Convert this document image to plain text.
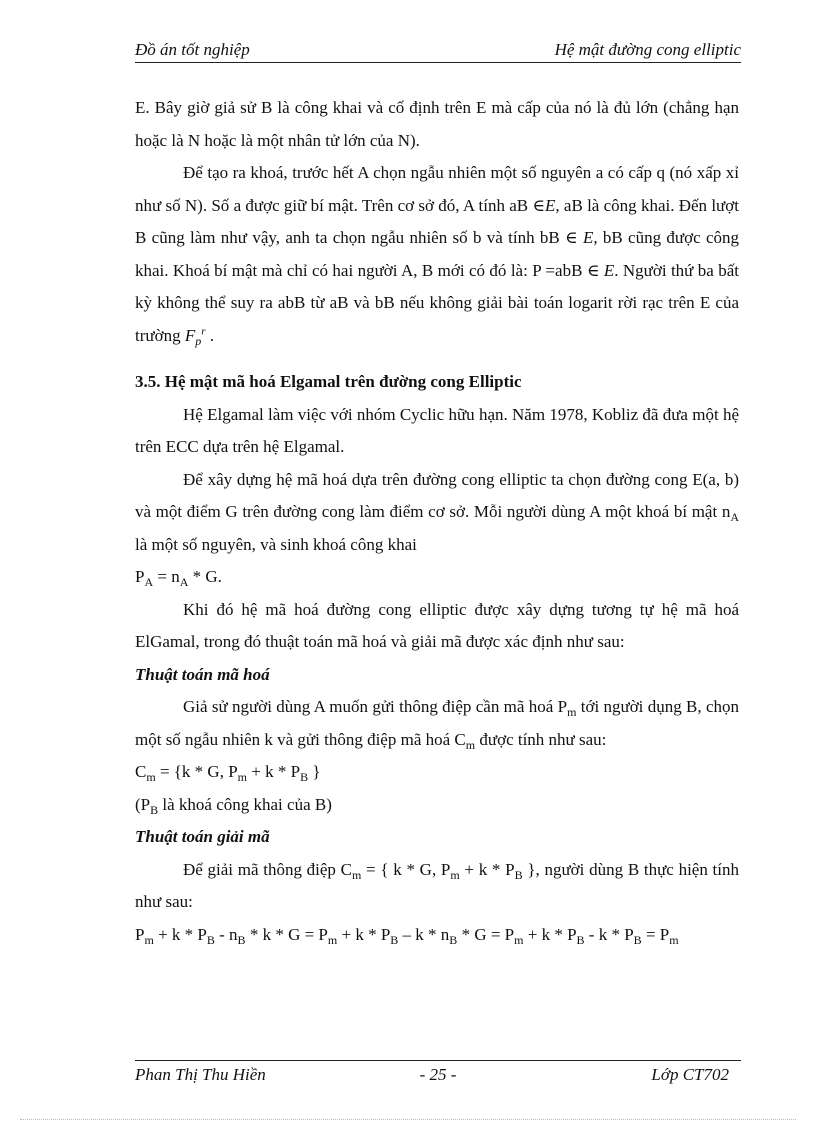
Đồ án tốt nghiệp	Hệ mật đường cong elliptic

E. Bây giờ giả sử B là công khai và cố định trên E mà cấp của nó là đủ lớn (chẳng hạn hoặc là N hoặc là một nhân tử lớn của N).

Để tạo ra khoá, trước hết A chọn ngẫu nhiên một số nguyên a có cấp q (nó xấp xỉ như số N). Số a được giữ bí mật. Trên cơ sở đó, A tính aB ∈E, aB là công khai. Đến lượt B cũng làm như vậy, anh ta chọn ngẫu nhiên số b và tính bB ∈ E, bB cũng được công khai. Khoá bí mật mà chỉ có hai người A, B mới có đó là: P =abB ∈ E. Người thứ ba bất kỳ không thể suy ra abB từ aB và bB nếu không giải bài toán logarit rời rạc trên E của trường $F_p^r$ .

3.5. Hệ mật mã hoá Elgamal trên đường cong Elliptic

Hệ Elgamal làm việc với nhóm Cyclic hữu hạn. Năm 1978, Kobliz đã đưa một hệ trên ECC dựa trên hệ Elgamal.

Để xây dựng hệ mã hoá dựa trên đường cong elliptic ta chọn đường cong E(a, b) và một điểm G trên đường cong làm điểm cơ sở. Mỗi người dùng A một khoá bí mật $n_A$ là một số nguyên, và sinh khoá công khai

$P_A = n_A * G$.

Khi đó hệ mã hoá đường cong elliptic được xây dựng tương tự hệ mã hoá ElGamal, trong đó thuật toán mã hoá và giải mã được xác định như sau:

Thuật toán mã hoá

Giả sử người dùng A muốn gửi thông điệp cần mã hoá $P_m$ tới người dụng B, chọn một số ngẫu nhiên k và gửi thông điệp mã hoá $C_m$ được tính như sau:

$C_m = \{k * G$, $P_m + k * P_B$ }

($P_B$ là khoá công khai của B)

Thuật toán giải mã

Để giải mã thông điệp $C_m$ = { k * G, $P_m + k * P_B$ }, người dùng B thực hiện tính như sau:

$P_m + k * P_B - n_B * k * G = P_m + k * P_B - k * n_B * G = P_m + k * P_B - k * P_B = P_m$

Phan Thị Thu Hiền	- 25 -	Lớp CT702
